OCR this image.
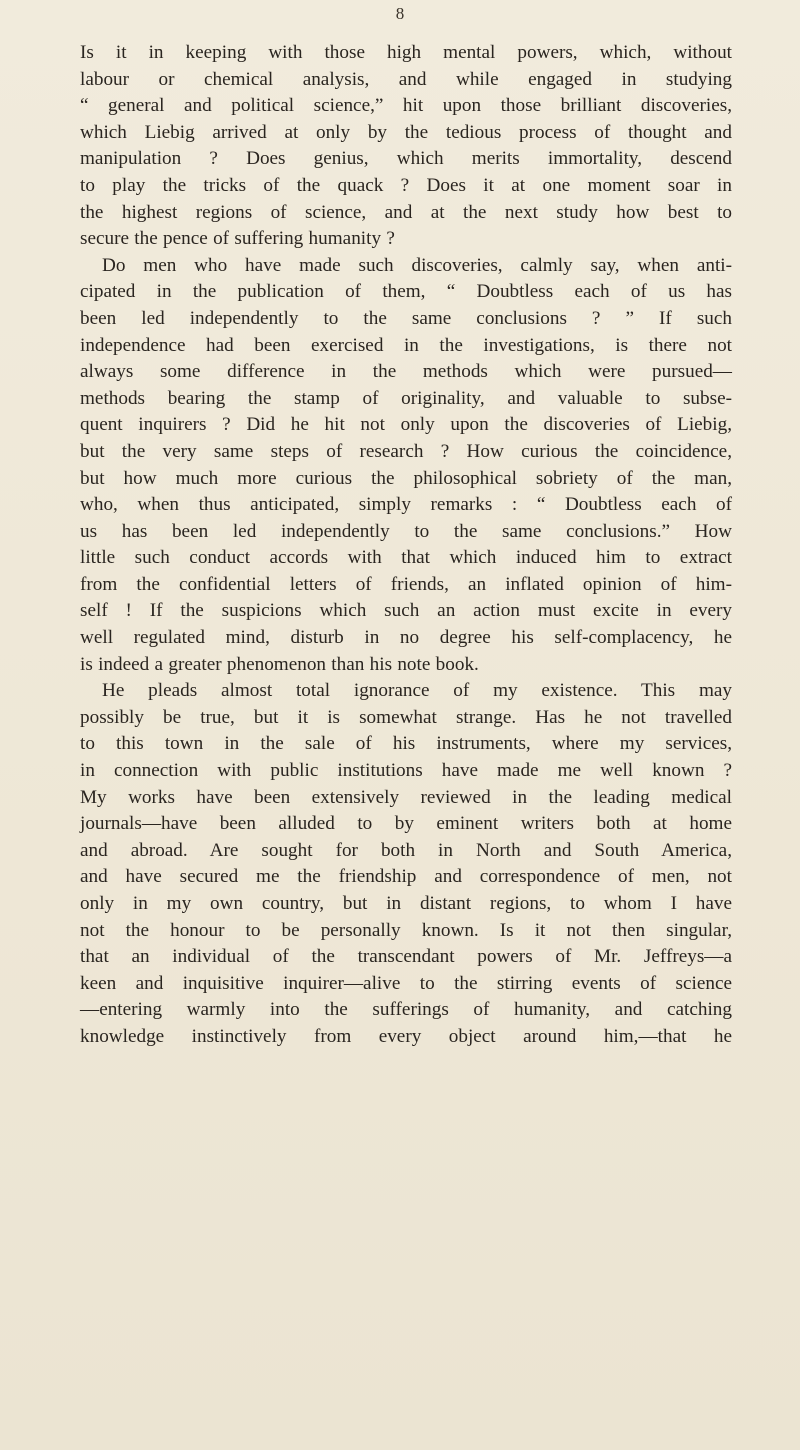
8
Is it in keeping with those high mental powers, which, without
labour or chemical analysis, and while engaged in studying
“ general and political science,” hit upon those brilliant discoveries,
which Liebig arrived at only by the tedious process of thought and
manipulation ? Does genius, which merits immortality, descend
to play the tricks of the quack ? Does it at one moment soar in
the highest regions of science, and at the next study how best to
secure the pence of suffering humanity ?
Do men who have made such discoveries, calmly say, when anti-
cipated in the publication of them, “ Doubtless each of us has
been led independently to the same conclusions ? ” If such
independence had been exercised in the investigations, is there not
always some difference in the methods which were pursued—
methods bearing the stamp of originality, and valuable to subse-
quent inquirers ? Did he hit not only upon the discoveries of Liebig,
but the very same steps of research ? How curious the coincidence,
but how much more curious the philosophical sobriety of the man,
who, when thus anticipated, simply remarks : “ Doubtless each of
us has been led independently to the same conclusions.” How
little such conduct accords with that which induced him to extract
from the confidential letters of friends, an inflated opinion of him-
self ! If the suspicions which such an action must excite in every
well regulated mind, disturb in no degree his self-complacency, he
is indeed a greater phenomenon than his note book.
He pleads almost total ignorance of my existence. This may
possibly be true, but it is somewhat strange. Has he not travelled
to this town in the sale of his instruments, where my services,
in connection with public institutions have made me well known ?
My works have been extensively reviewed in the leading medical
journals—have been alluded to by eminent writers both at home
and abroad. Are sought for both in North and South America,
and have secured me the friendship and correspondence of men, not
only in my own country, but in distant regions, to whom I have
not the honour to be personally known. Is it not then singular,
that an individual of the transcendant powers of Mr. Jeffreys—a
keen and inquisitive inquirer—alive to the stirring events of science
—entering warmly into the sufferings of humanity, and catching
knowledge instinctively from every object around him,—that he
